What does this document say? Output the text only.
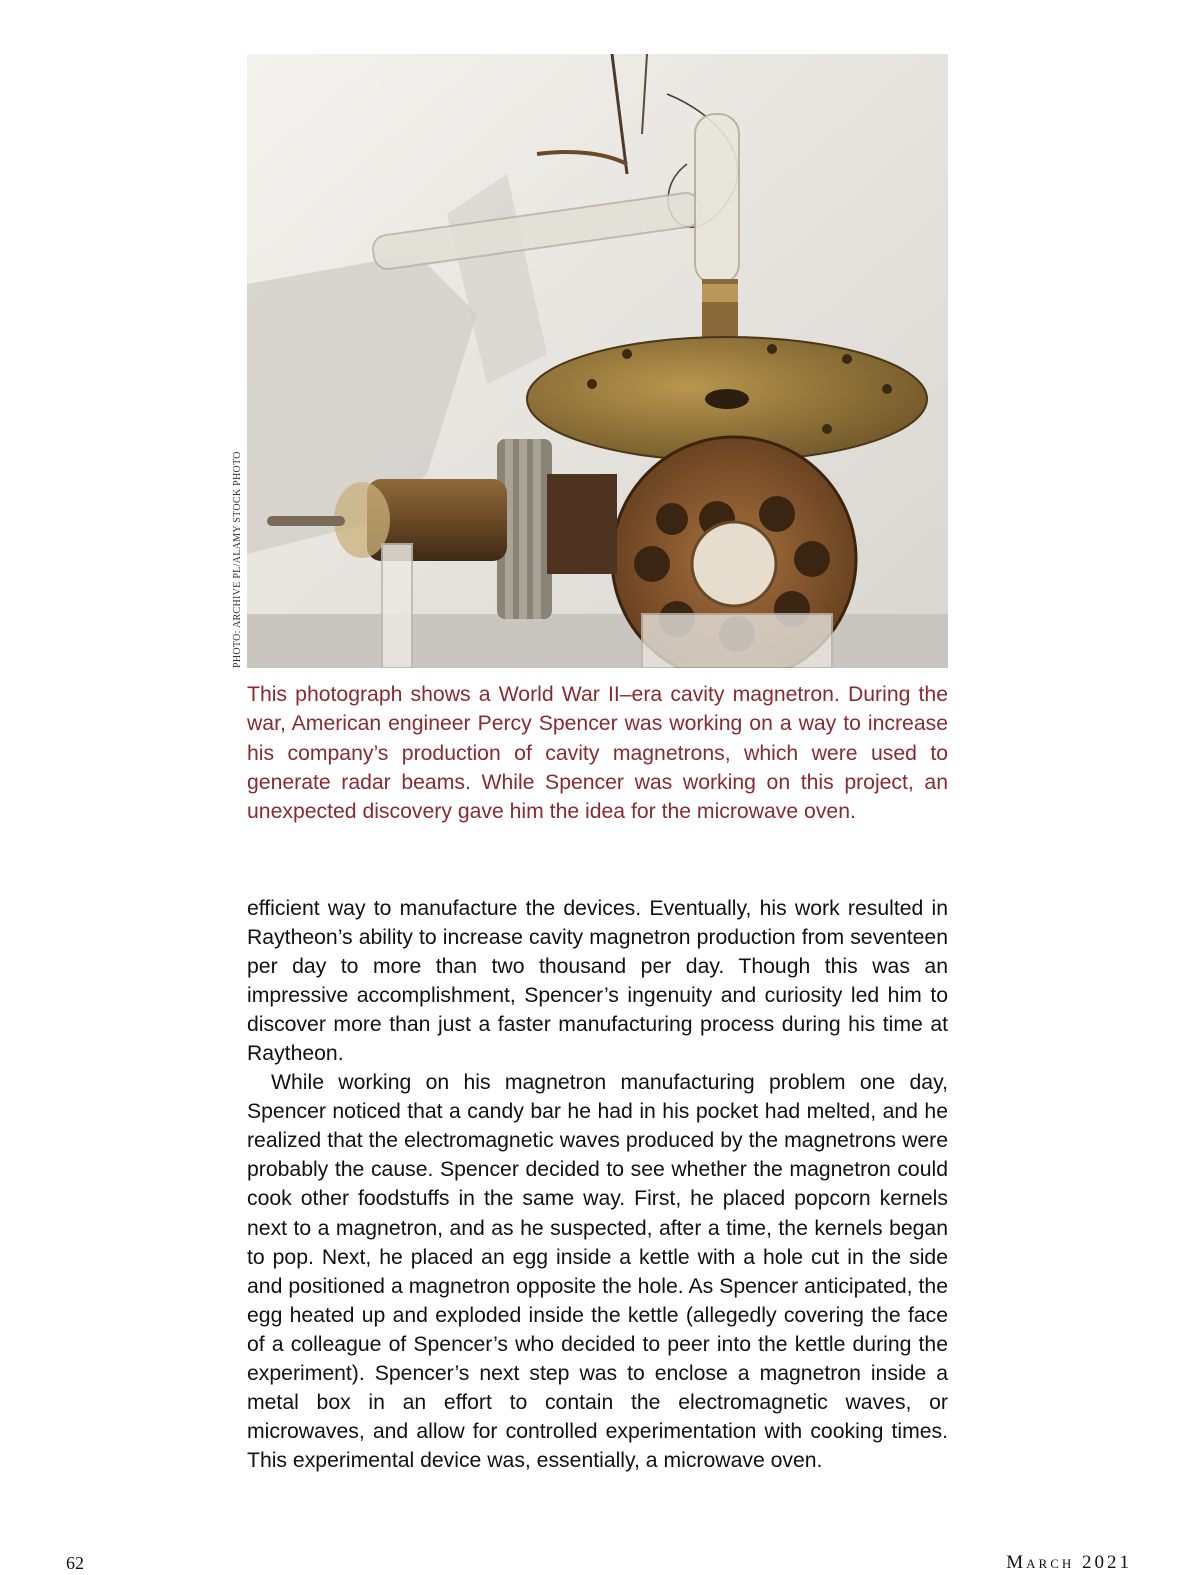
PHOTO: ARCHIVE PL/ALAMY STOCK PHOTO

This photograph shows a World War II–era cavity magnetron. During the war, American engineer Percy Spencer was working on a way to increase his company’s production of cavity magnetrons, which were used to generate radar beams. While Spencer was working on this project, an unexpected discovery gave him the idea for the microwave oven.

efficient way to manufacture the devices. Eventually, his work resulted in Raytheon’s ability to increase cavity magnetron production from seventeen per day to more than two thousand per day. Though this was an impressive accomplishment, Spencer’s ingenuity and curiosity led him to discover more than just a faster manufacturing process during his time at Raytheon.

While working on his magnetron manufacturing problem one day, Spencer noticed that a candy bar he had in his pocket had melted, and he realized that the electromagnetic waves produced by the magnetrons were probably the cause. Spencer decided to see whether the magnetron could cook other foodstuffs in the same way. First, he placed popcorn kernels next to a magnetron, and as he suspected, after a time, the kernels began to pop. Next, he placed an egg inside a kettle with a hole cut in the side and positioned a magnetron opposite the hole. As Spencer anticipated, the egg heated up and exploded inside the kettle (allegedly covering the face of a colleague of Spencer’s who decided to peer into the kettle during the experiment). Spencer’s next step was to enclose a magnetron inside a metal box in an effort to contain the electromagnetic waves, or microwaves, and allow for controlled experimentation with cooking times. This experimental device was, essentially, a microwave oven.

62	March 2021
